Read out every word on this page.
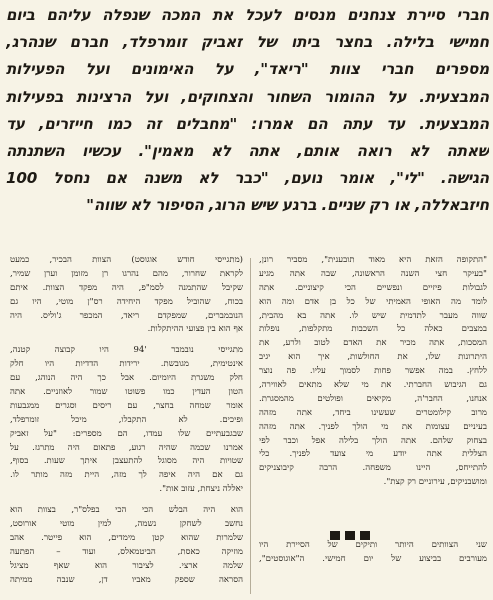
חברי סיירת צנחנים מנסים לעכל את המכה שנפלה עליהם ביום
חמישי בלילה. בחצר ביתו של זאביק זומרפלד, חברם שנהרג,
מספרים חברי צוות "ריאד", על האימונים ועל הפעילות
המבצעית. על ההומור השחור והצחוקים, ועל הרצינות בפעילות
המבצעית. עד עתה הם אמרו: "מחבלים זה כמו חייזרים, עד
שאתה לא רואה אותם, אתה לא מאמין". עכשיו השתנתה
הגישה. "לי", אומר נועם, "כבר לא משנה אם נחסל 100
חיזבאללה, או רק שניים. ברגע שיש הרוג, הסיפור לא שווה"
"התקופה הזאת היא מאוד תובענית", מסביר רונן,
"בעיקר חצי השנה הראשונה, שבה אתה מגיע
לגבולות פיזיים ונפשיים הכי קיצוניים. אתה
לומד מה האופי האמיתי של כל בן אדם ומה הוא
שווה מעבר לתדמית שיש לו. אתה בא מהבית,
במצבים כאלה כל השכבות מתקלפות, נופלות
המסכות, אתה מכיר את האדם לטוב ולרע, את
היתרונות שלו, את החולשות, איך הוא יגיב
ללחץ. במה אפשר פחות לסמוך עליו. פה נוצר
גם הגיבוש החברתי. את מי שלא מתאים לאווירה,
אנחנו, החבר'ה, מקיאים ופולטים מהמסגרת.
מרוב קילומטרים שעשינו ביחד, אתה מזהה
בעיניים עצומות את מי הולך לפניך. אתה מזהה
בצחוק שלהם. אתה הולך בלילה אפל וכבר לפי
הצללית אתה יודע מי צועד לפניך. כלי
להתייחס, היינו משפחה. הרבה קיבוצניקים
ומושבניקים, עירוניים רק קצת".
שני הצוותים היותר ותיקים של הסיירת היו
מעורבים בביצוע של יום חמישי. ה"אוגוסטים",
(מתגייסי חודש אוגוסט) הצוות הבכיר, כמעט
לקראת שחרור, מהם נהרגו רן מזומן וערן שמיר,
שקיבל שהתמנה לסמ"פ, היה מפקד הצוות. איתם
בכוח, שהוביל מפקד היחידה רס"ן מוטי, היו גם
הנובמברים, שמפקדם ריאד, המכפר ג'וליס. היה
אף הוא בין פצועי ההיתקלות.
מתגייסי נובמבר '94 היו קבוצה קטנה,
אינטימית, מגובשת. ירידות הדדיות היו חלק
חלק משגרת היומיום. אבל כך היה הנוהג, עם
הטון העדין כמו פשוטו שמור לאוזניים. אתה
אומר שמחה בחצר, עם ריסים וסגרים ממגבעות
ופיכים. לא התקבלו, מיכל זומרפלד,
שבגבעתיים שלו עמדו, הם מספרים: "על זאביק
אמרנו שכמה שהיה רגוע, פתאום היה מתרגז. על
שטויות היה מסוגל להתעצבן איתך שעות. בסוף,
גם אם היה איפה לך מזה, היית מזה מותר לו.
יאללה ניצחת, עזוב אות".
הוא היה הבלש הכי הכי בפלס"ר, בצוות הוא
נחשב לשחקן נשמה, למין מוטי אורוסט,
שלמרות שהוא קטן מימדים, הוא פייטר. אהב
מוזיקה כאסת, הביטמאלס, ועוד – הפתעה
שלמה ארצי. לציבור הוא שאף מציגל
הסראה שספק מאביו דן, שנבה ממיתה
